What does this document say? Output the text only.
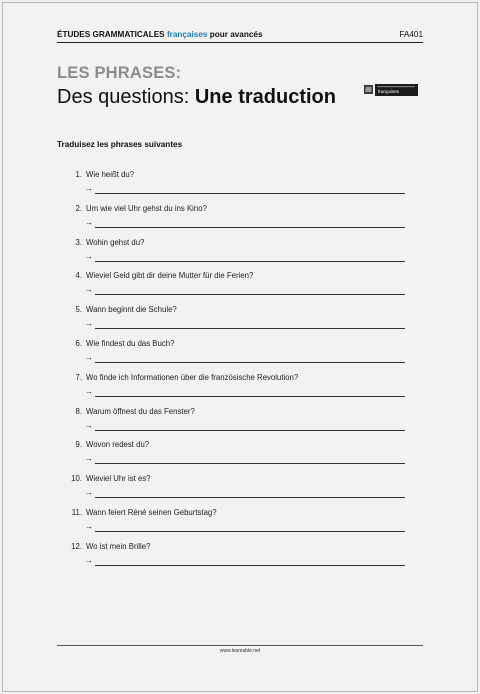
ÉTUDES GRAMMATICALES françaises pour avancés	FA401
LES PHRASES:
Des questions: Une traduction	françaises
Traduisez les phrases suivantes
1. Wie heißt du?
→
2. Um wie viel Uhr gehst du ins Kino?
→
3. Wohin gehst du?
→
4. Wieviel Geld gibt dir deine Mutter für die Ferien?
→
5. Wann beginnt die Schule?
→
6. Wie findest du das Buch?
→
7. Wo finde ich Informationen über die französische Revolution?
→
8. Warum öffnest du das Fenster?
→
9. Wovon redest du?
→
10. Wieviel Uhr ist es?
→
11. Wann feiert Réné seinen Geburtstag?
→
12. Wo ist mein Brille?
→
www.lesmable.net
